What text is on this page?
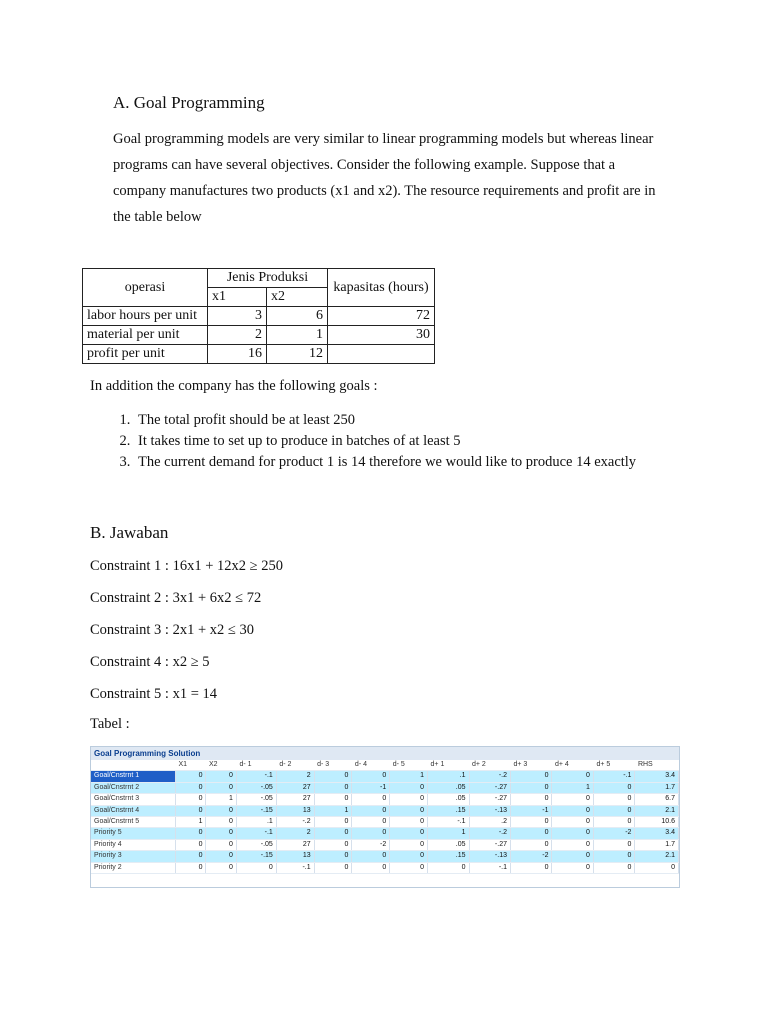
A. Goal Programming
Goal programming models are very similar to linear programming models but whereas linear
programs can have several objectives. Consider the following example. Suppose that a
company manufactures two products (x1 and x2). The resource requirements and profit are in
the table below
operasi	Jenis Produksi		kapasitas (hours)
	x1	x2	
labor hours per unit	3	6	72
material per unit	2	1	30
profit per unit	16	12	
In addition the company has the following goals :
1. The total profit should be at least 250
2. It takes time to set up to produce in batches of at least 5
3. The current demand for product 1 is 14 therefore we would like to produce 14 exactly
B. Jawaban
Constraint 1 : 16x1 + 12x2 ≥ 250
Constraint 2 : 3x1 + 6x2 ≤ 72
Constraint 3 : 2x1 + x2 ≤ 30
Constraint 4 : x2 ≥ 5
Constraint 5 : x1 = 14
Tabel :
Goal Programming Solution
	X1	X2	d- 1	d- 2	d- 3	d- 4	d- 5	d+ 1	d+ 2	d+ 3	d+ 4	d+ 5	RHS
Goal/Cnstrnt 1	0	0	-.1	2	0	0	1	.1	-.2	0	0	-.1	3.4
Goal/Cnstrnt 2	0	0	-.05	27	0	-1	0	.05	-.27	0	1	0	1.7
Goal/Cnstrnt 3	0	1	-.05	27	0	0	0	.05	-.27	0	0	0	6.7
Goal/Cnstrnt 4	0	0	-.15	13	1	0	0	.15	-.13	-1	0	0	2.1
Goal/Cnstrnt 5	1	0	.1	-.2	0	0	0	-.1	.2	0	0	0	10.6
Priority 5	0	0	-.1	2	0	0	0	1	-.2	0	0	-2	3.4
Priority 4	0	0	-.05	27	0	-2	0	.05	-.27	0	0	0	1.7
Priority 3	0	0	-.15	13	0	0	0	.15	-.13	-2	0	0	2.1
Priority 2	0	0	0	-.1	0	0	0	0	-.1	0	0	0	0
